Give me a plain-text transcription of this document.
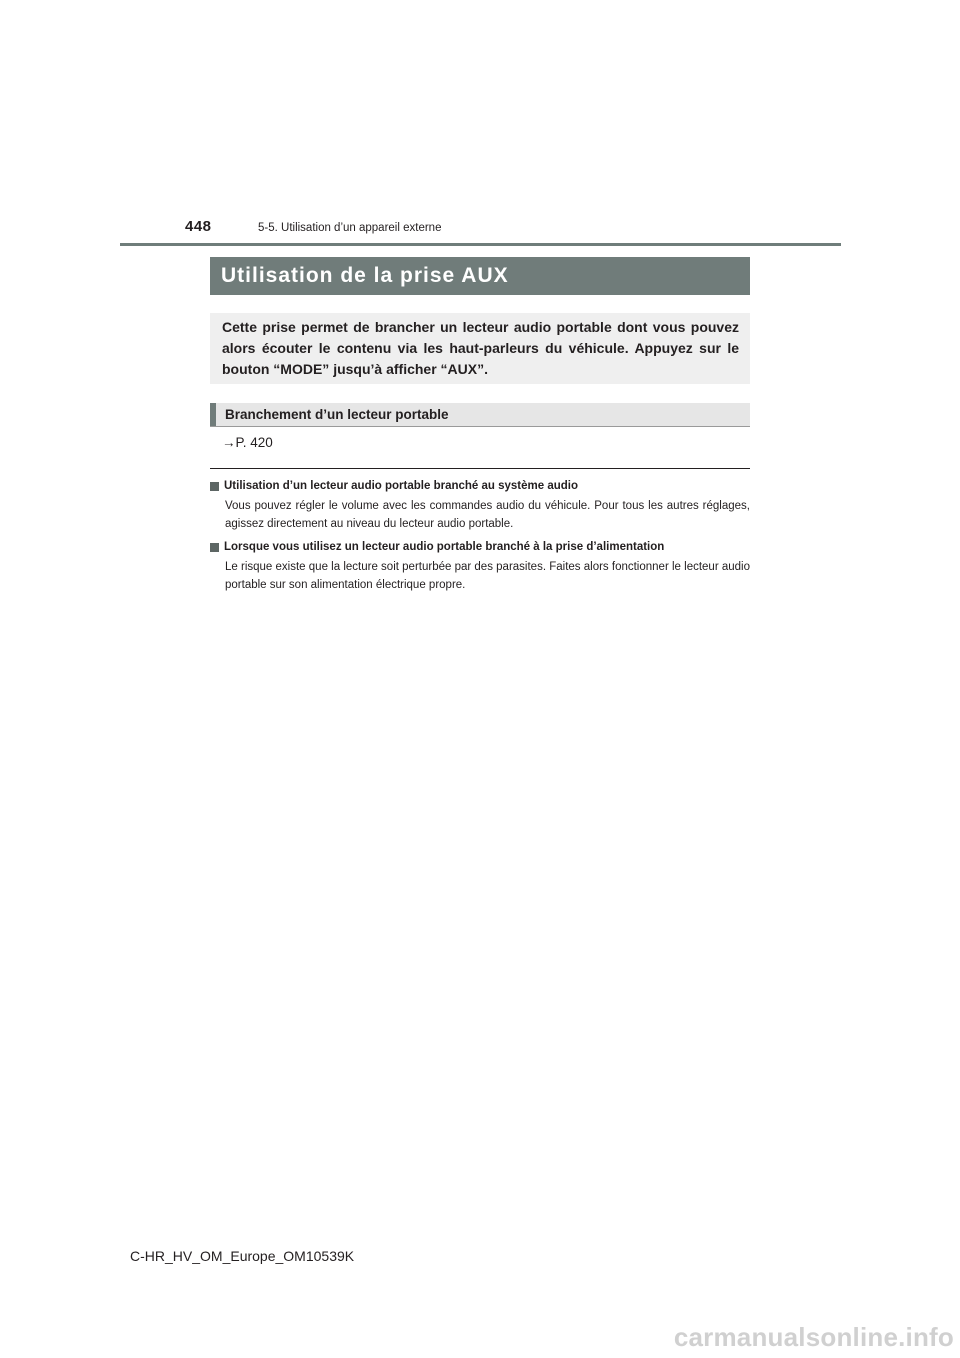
448	5-5. Utilisation d’un appareil externe
Utilisation de la prise AUX
Cette prise permet de brancher un lecteur audio portable dont vous pouvez alors écouter le contenu via les haut-parleurs du véhicule. Appuyez sur le bouton “MODE” jusqu’à afficher “AUX”.
Branchement d’un lecteur portable
→P. 420
Utilisation d’un lecteur audio portable branché au système audio
Vous pouvez régler le volume avec les commandes audio du véhicule. Pour tous les autres réglages, agissez directement au niveau du lecteur audio portable.
Lorsque vous utilisez un lecteur audio portable branché à la prise d’alimentation
Le risque existe que la lecture soit perturbée par des parasites. Faites alors fonctionner le lecteur audio portable sur son alimentation électrique propre.
C-HR_HV_OM_Europe_OM10539K
carmanualsonline.info
